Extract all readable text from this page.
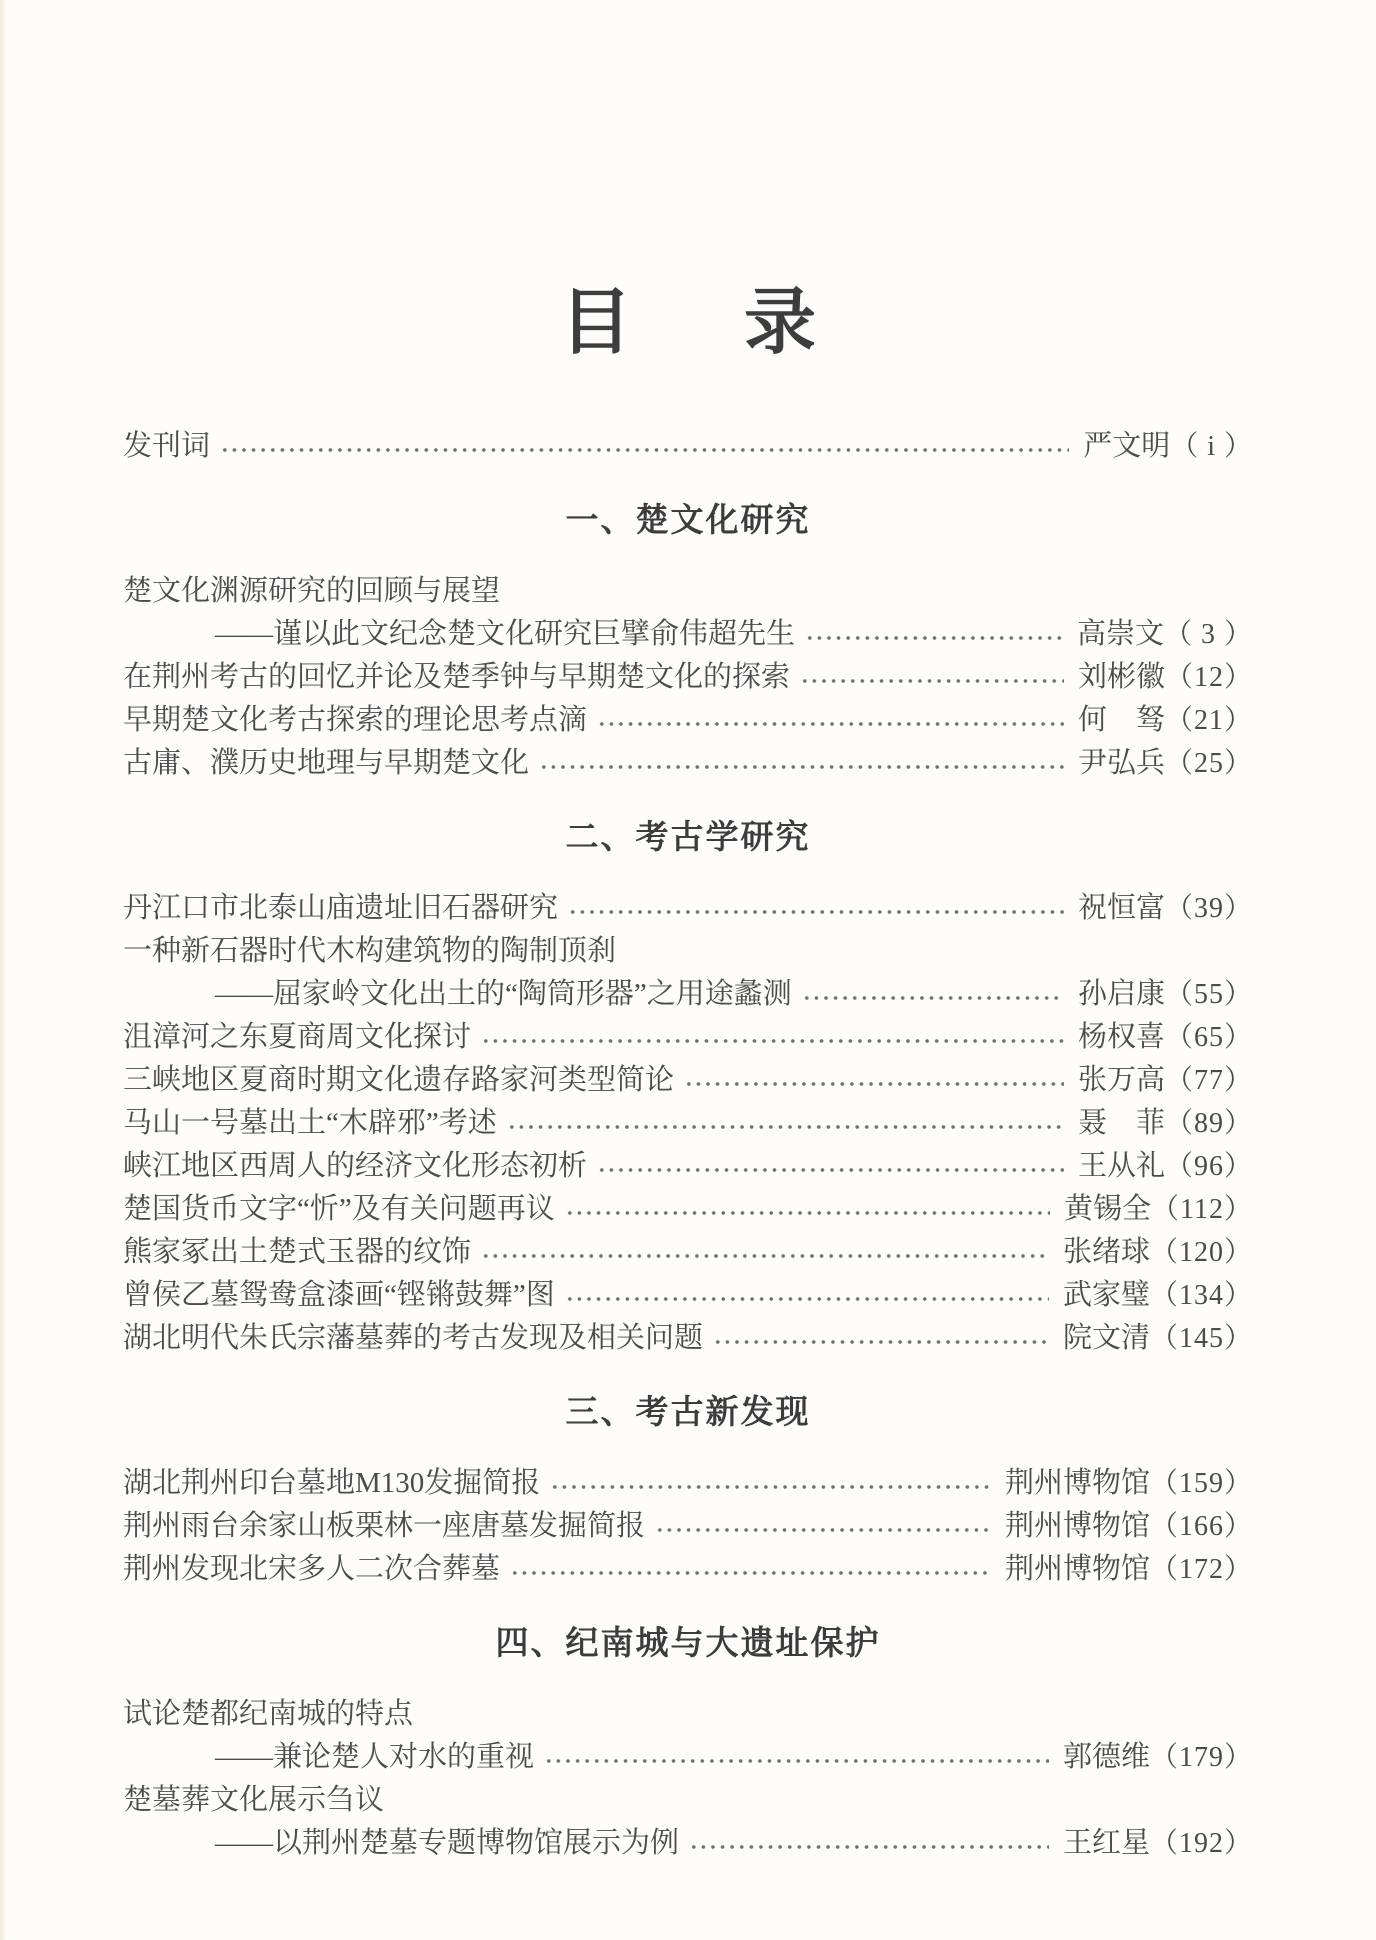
目 录
发刊词	严文明 （ i ）
一、楚文化研究
楚文化渊源研究的回顾与展望
——谨以此文纪念楚文化研究巨擘俞伟超先生	高崇文 （ 3 ）
在荆州考古的回忆并论及楚季钟与早期楚文化的探索	刘彬徽 （12）
早期楚文化考古探索的理论思考点滴	何　驽 （21）
古庸、濮历史地理与早期楚文化	尹弘兵 （25）
二、考古学研究
丹江口市北泰山庙遗址旧石器研究	祝恒富 （39）
一种新石器时代木构建筑物的陶制顶刹
——屈家岭文化出土的“陶筒形器”之用途蠡测	孙启康 （55）
沮漳河之东夏商周文化探讨	杨权喜 （65）
三峡地区夏商时期文化遗存路家河类型简论	张万高 （77）
马山一号墓出土“木辟邪”考述	聂　菲 （89）
峡江地区西周人的经济文化形态初析	王从礼 （96）
楚国货币文字“忻”及有关问题再议	黄锡全 （112）
熊家冢出土楚式玉器的纹饰	张绪球 （120）
曾侯乙墓鸳鸯盒漆画“铿锵鼓舞”图	武家璧 （134）
湖北明代朱氏宗藩墓葬的考古发现及相关问题	院文清 （145）
三、考古新发现
湖北荆州印台墓地M130发掘简报	荆州博物馆 （159）
荆州雨台余家山板栗林一座唐墓发掘简报	荆州博物馆 （166）
荆州发现北宋多人二次合葬墓	荆州博物馆 （172）
四、纪南城与大遗址保护
试论楚都纪南城的特点
——兼论楚人对水的重视	郭德维 （179）
楚墓葬文化展示刍议
——以荆州楚墓专题博物馆展示为例	王红星 （192）
